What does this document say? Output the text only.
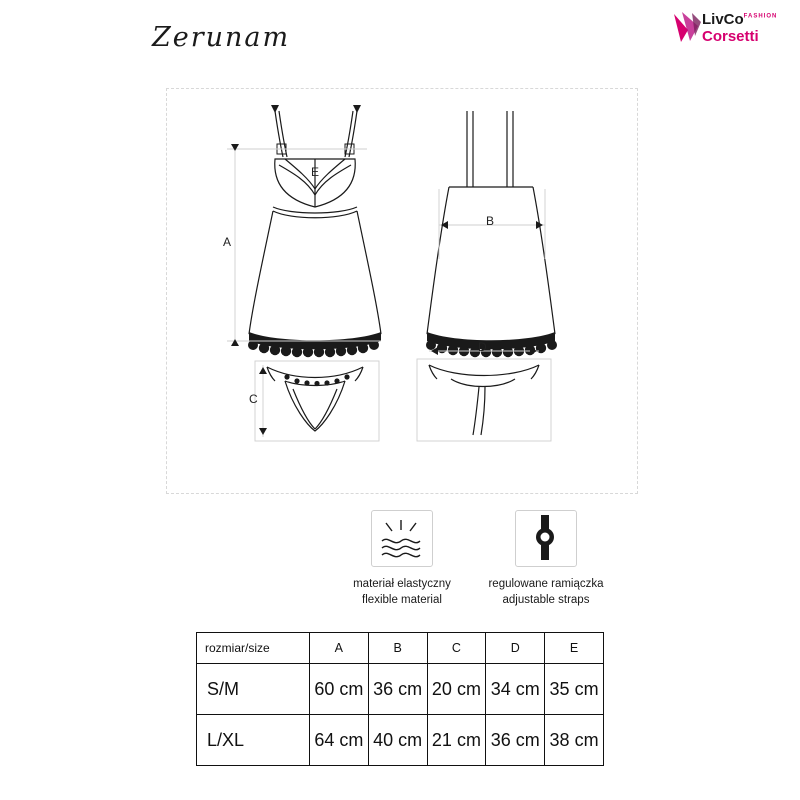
Zerunam
LivCo$^{FASHION}$
Corsetti
A
B
C
D
E
materiał elastyczny
flexible material
regulowane ramiączka
adjustable straps
rozmiar/size	A	B	C	D	E
S/M	60 cm	36 cm	20 cm	34 cm	35 cm
L/XL	64 cm	40 cm	21 cm	36 cm	38 cm
